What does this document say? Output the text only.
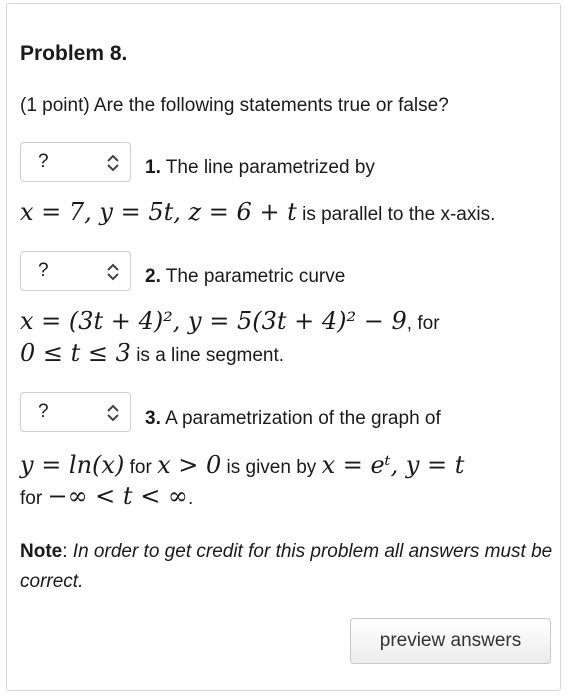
Problem 8.
(1 point) Are the following statements true or false?
?	1. The line parametrized by
x = 7, y = 5t, z = 6 + t is parallel to the x-axis.
?	2. The parametric curve
x = (3t + 4)², y = 5(3t + 4)² − 9, for
0 ≤ t ≤ 3 is a line segment.
?	3. A parametrization of the graph of
y = ln(x) for x > 0 is given by x = eᵗ, y = t
for −∞ < t < ∞.
Note: In order to get credit for this problem all answers must be correct.
preview answers
